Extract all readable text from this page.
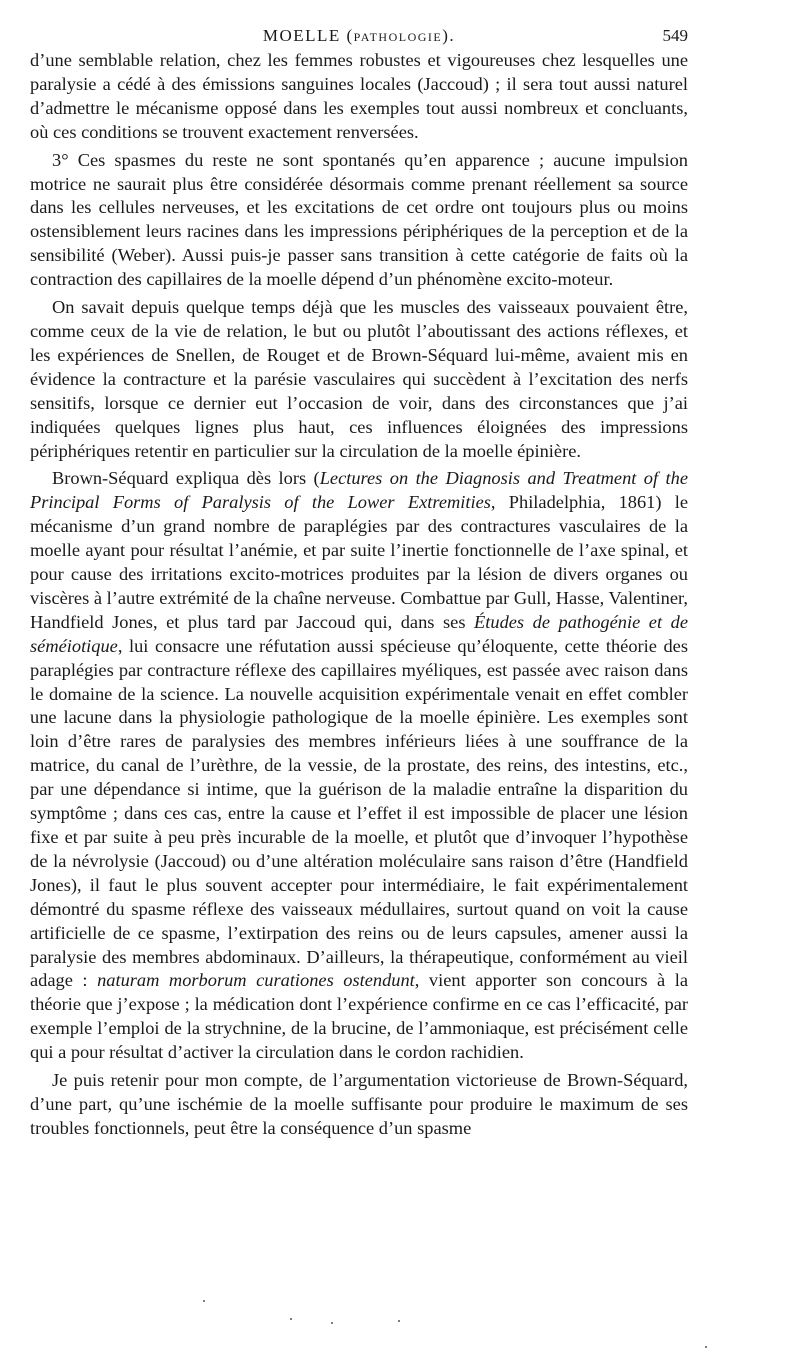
MOELLE (PATHOLOGIE).	549

d’une semblable relation, chez les femmes robustes et vigoureuses chez lesquelles une paralysie a cédé à des émissions sanguines locales (Jaccoud) ; il sera tout aussi naturel d’admettre le mécanisme opposé dans les exemples tout aussi nombreux et concluants, où ces conditions se trouvent exactement renversées.

3° Ces spasmes du reste ne sont spontanés qu’en apparence ; aucune impulsion motrice ne saurait plus être considérée désormais comme prenant réellement sa source dans les cellules nerveuses, et les excitations de cet ordre ont toujours plus ou moins ostensiblement leurs racines dans les impressions périphériques de la perception et de la sensibilité (Weber). Aussi puis-je passer sans transition à cette catégorie de faits où la contraction des capillaires de la moelle dépend d’un phénomène excito-moteur.

On savait depuis quelque temps déjà que les muscles des vaisseaux pouvaient être, comme ceux de la vie de relation, le but ou plutôt l’aboutissant des actions réflexes, et les expériences de Snellen, de Rouget et de Brown-Séquard lui-même, avaient mis en évidence la contracture et la parésie vasculaires qui succèdent à l’excitation des nerfs sensitifs, lorsque ce dernier eut l’occasion de voir, dans des circonstances que j’ai indiquées quelques lignes plus haut, ces influences éloignées des impressions périphériques retentir en particulier sur la circulation de la moelle épinière.

Brown-Séquard expliqua dès lors (Lectures on the Diagnosis and Treatment of the Principal Forms of Paralysis of the Lower Extremities, Philadelphia, 1861) le mécanisme d’un grand nombre de paraplégies par des contractures vasculaires de la moelle ayant pour résultat l’anémie, et par suite l’inertie fonctionnelle de l’axe spinal, et pour cause des irritations excito-motrices produites par la lésion de divers organes ou viscères à l’autre extrémité de la chaîne nerveuse. Combattue par Gull, Hasse, Valentiner, Handfield Jones, et plus tard par Jaccoud qui, dans ses Études de pathogénie et de séméiotique, lui consacre une réfutation aussi spécieuse qu’éloquente, cette théorie des paraplégies par contracture réflexe des capillaires myéliques, est passée avec raison dans le domaine de la science. La nouvelle acquisition expérimentale venait en effet combler une lacune dans la physiologie pathologique de la moelle épinière. Les exemples sont loin d’être rares de paralysies des membres inférieurs liées à une souffrance de la matrice, du canal de l’urèthre, de la vessie, de la prostate, des reins, des intestins, etc., par une dépendance si intime, que la guérison de la maladie entraîne la disparition du symptôme ; dans ces cas, entre la cause et l’effet il est impossible de placer une lésion fixe et par suite à peu près incurable de la moelle, et plutôt que d’invoquer l’hypothèse de la névrolysie (Jaccoud) ou d’une altération moléculaire sans raison d’être (Handfield Jones), il faut le plus souvent accepter pour intermédiaire, le fait expérimentalement démontré du spasme réflexe des vaisseaux médullaires, surtout quand on voit la cause artificielle de ce spasme, l’extirpation des reins ou de leurs capsules, amener aussi la paralysie des membres abdominaux. D’ailleurs, la thérapeutique, conformément au vieil adage : naturam morborum curationes ostendunt, vient apporter son concours à la théorie que j’expose ; la médication dont l’expérience confirme en ce cas l’efficacité, par exemple l’emploi de la strychnine, de la brucine, de l’ammoniaque, est précisément celle qui a pour résultat d’activer la circulation dans le cordon rachidien.

Je puis retenir pour mon compte, de l’argumentation victorieuse de Brown-Séquard, d’une part, qu’une ischémie de la moelle suffisante pour produire le maximum de ses troubles fonctionnels, peut être la conséquence d’un spasme
